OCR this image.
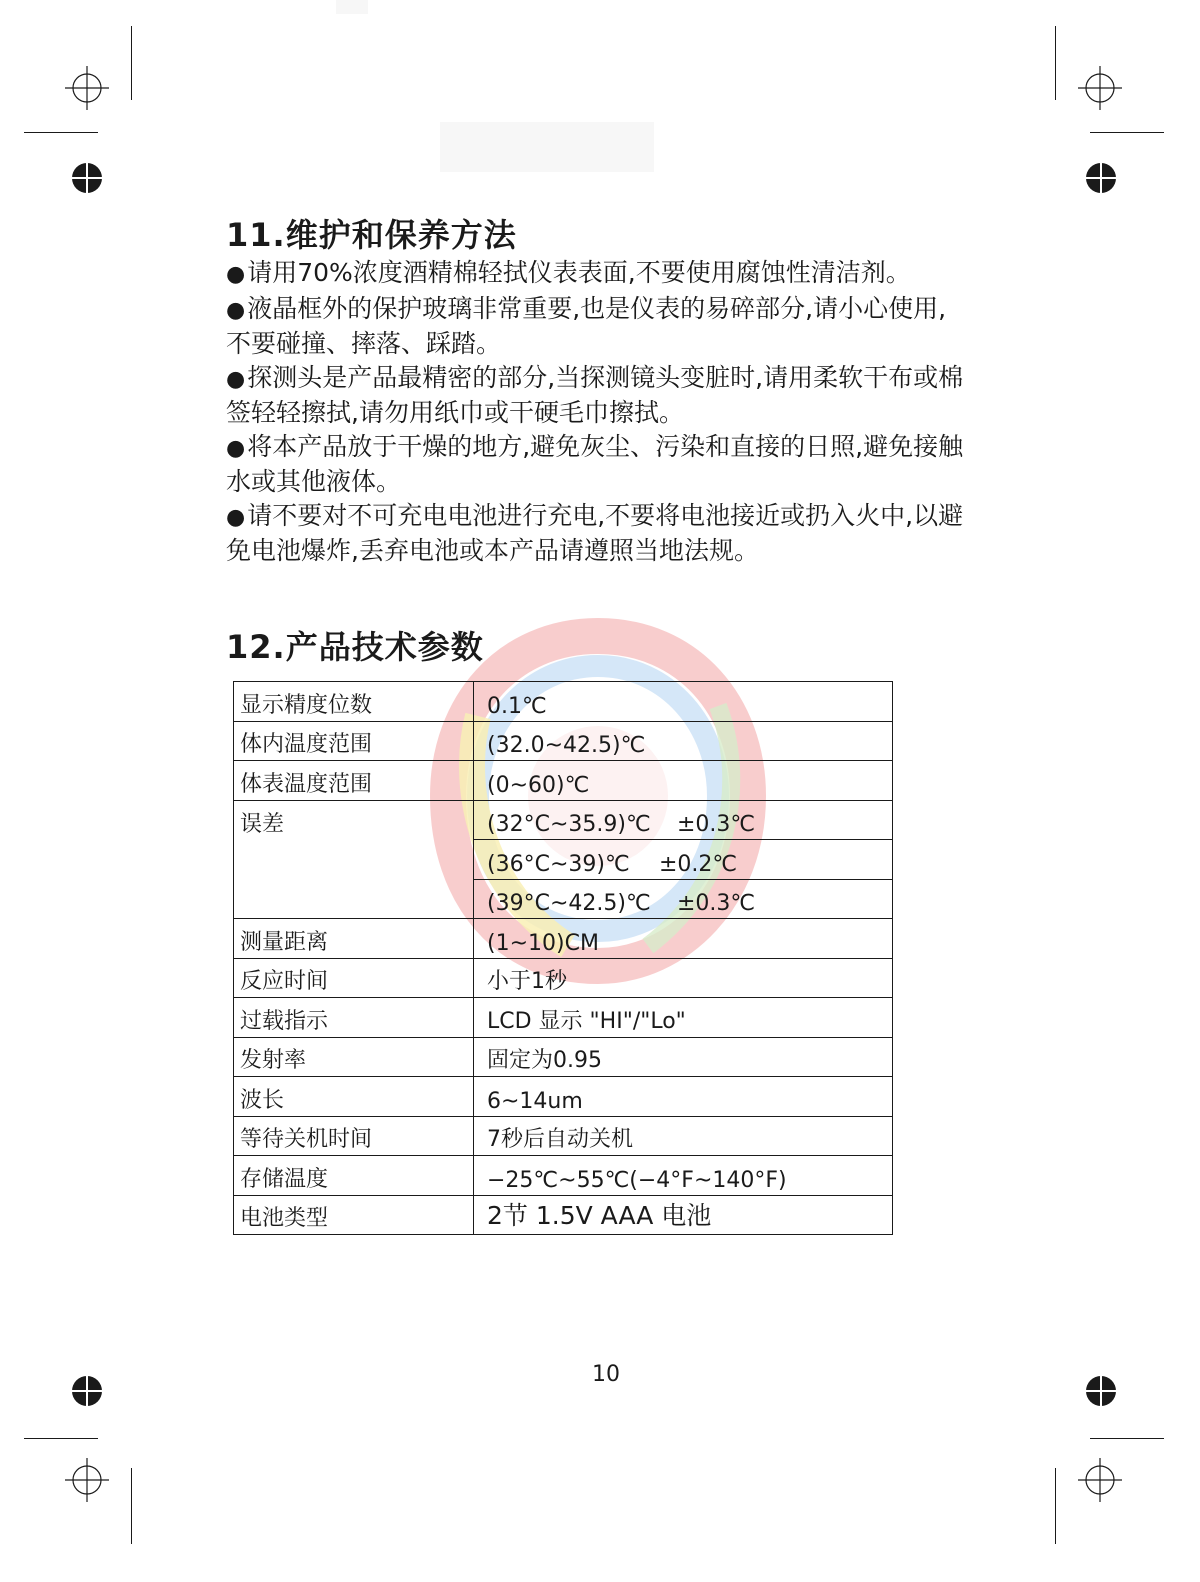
11.维护和保养方法

●请用70%浓度酒精棉轻拭仪表表面,不要使用腐蚀性清洁剂。

●液晶框外的保护玻璃非常重要,也是仪表的易碎部分,请小心使用,不要碰撞、摔落、踩踏。

●探测头是产品最精密的部分,当探测镜头变脏时,请用柔软干布或棉签轻轻擦拭,请勿用纸巾或干硬毛巾擦拭。

●将本产品放于干燥的地方,避免灰尘、污染和直接的日照,避免接触水或其他液体。

●请不要对不可充电电池进行充电,不要将电池接近或扔入火中,以避免电池爆炸,丢弃电池或本产品请遵照当地法规。

12.产品技术参数
显示精度位数	0.1℃
体内温度范围	(32.0~42.5)℃
体表温度范围	(0~60)℃
误差	(32°C~35.9)℃ ±0.3℃
	(36°C~39)℃ ±0.2℃
	(39°C~42.5)℃ ±0.3℃
测量距离	(1~10)CM
反应时间	小于1秒
过载指示	LCD 显示 "HI"/"Lo"
发射率	固定为0.95
波长	6~14um
等待关机时间	7秒后自动关机
存储温度	−25℃~55℃(−4°F~140°F)
电池类型	2节 1.5V AAA 电池
10
